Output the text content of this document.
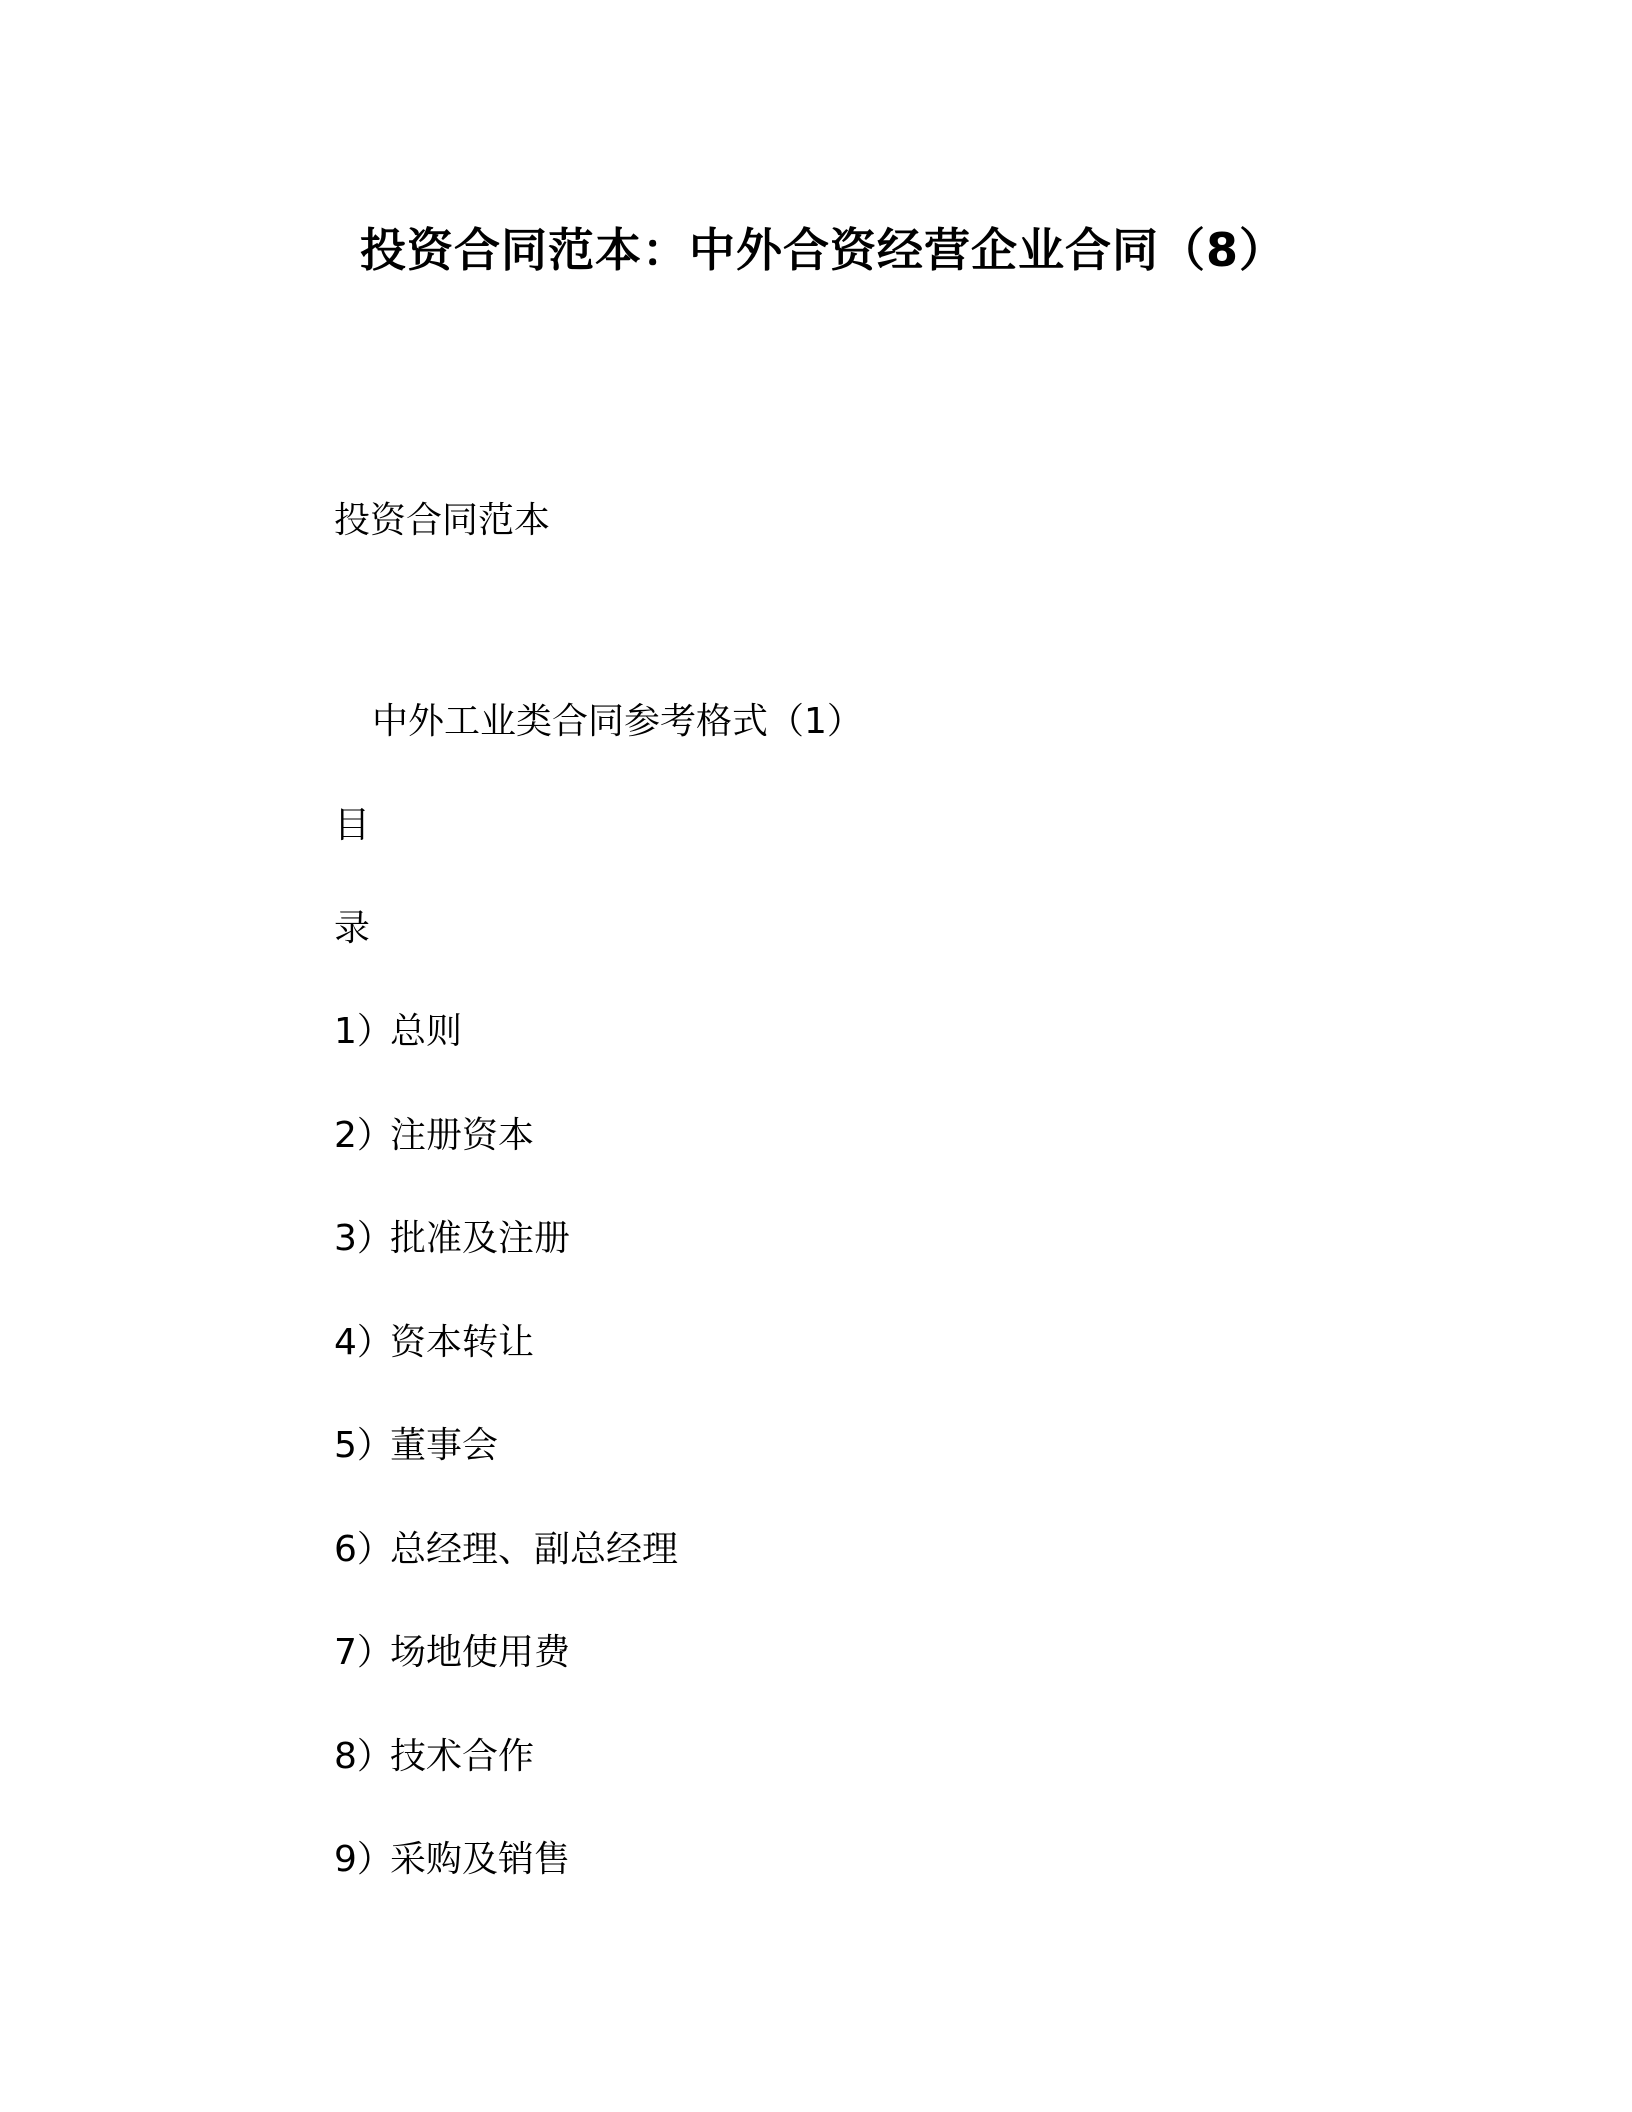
投资合同范本：中外合资经营企业合同（8）
投资合同范本
中外工业类合同参考格式（1）
目
录
1）总则
2）注册资本
3）批准及注册
4）资本转让
5）董事会
6）总经理、副总经理
7）场地使用费
8）技术合作
9）采购及销售
